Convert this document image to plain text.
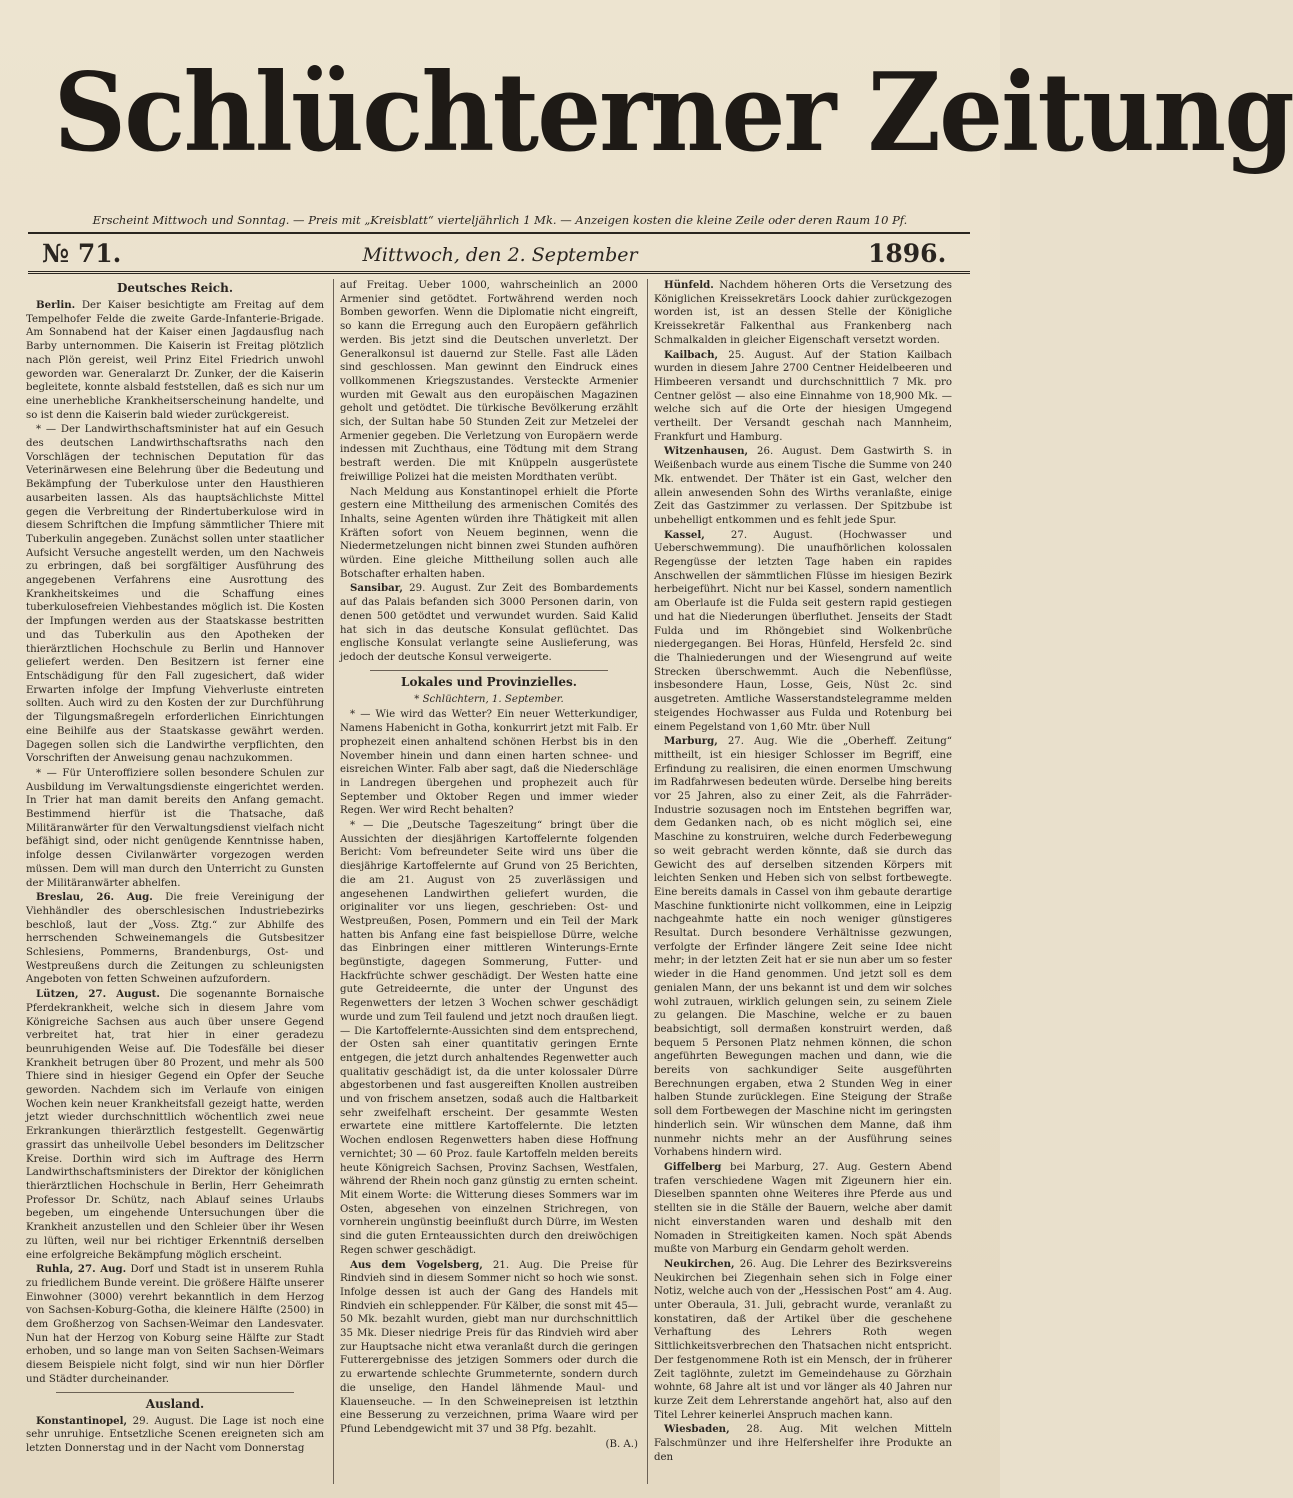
Schlüchterner Zeitung
Erscheint Mittwoch und Sonntag. — Preis mit „Kreisblatt“ vierteljährlich 1 Mk. — Anzeigen kosten die kleine Zeile oder deren Raum 10 Pf.
№ 71.	Mittwoch, den 2. September	1896.
Deutsches Reich.

Berlin. Der Kaiser besichtigte am Freitag auf dem Tempelhofer Felde die zweite Garde-Infanterie-Brigade. Am Sonnabend hat der Kaiser einen Jagdausflug nach Barby unternommen. Die Kaiserin ist Freitag plötzlich nach Plön gereist, weil Prinz Eitel Friedrich unwohl geworden war. Generalarzt Dr. Zunker, der die Kaiserin begleitete, konnte alsbald feststellen, daß es sich nur um eine unerhebliche Krankheitserscheinung handelte, und so ist denn die Kaiserin bald wieder zurückgereist.

* — Der Landwirthschaftsminister hat auf ein Gesuch des deutschen Landwirthschaftsraths nach den Vorschlägen der technischen Deputation für das Veterinärwesen eine Belehrung über die Bedeutung und Bekämpfung der Tuberkulose unter den Hausthieren ausarbeiten lassen. Als das hauptsächlichste Mittel gegen die Verbreitung der Rindertuberkulose wird in diesem Schriftchen die Impfung sämmtlicher Thiere mit Tuberkulin angegeben. Zunächst sollen unter staatlicher Aufsicht Versuche angestellt werden, um den Nachweis zu erbringen, daß bei sorgfältiger Ausführung des angegebenen Verfahrens eine Ausrottung des Krankheitskeimes und die Schaffung eines tuberkulosefreien Viehbestandes möglich ist. Die Kosten der Impfungen werden aus der Staatskasse bestritten und das Tuberkulin aus den Apotheken der thierärztlichen Hochschule zu Berlin und Hannover geliefert werden. Den Besitzern ist ferner eine Entschädigung für den Fall zugesichert, daß wider Erwarten infolge der Impfung Viehverluste eintreten sollten. Auch wird zu den Kosten der zur Durchführung der Tilgungsmaßregeln erforderlichen Einrichtungen eine Beihilfe aus der Staatskasse gewährt werden. Dagegen sollen sich die Landwirthe verpflichten, den Vorschriften der Anweisung genau nachzukommen.

* — Für Unteroffiziere sollen besondere Schulen zur Ausbildung im Verwaltungsdienste eingerichtet werden. In Trier hat man damit bereits den Anfang gemacht. Bestimmend hierfür ist die Thatsache, daß Militäranwärter für den Verwaltungsdienst vielfach nicht befähigt sind, oder nicht genügende Kenntnisse haben, infolge dessen Civilanwärter vorgezogen werden müssen. Dem will man durch den Unterricht zu Gunsten der Militäranwärter abhelfen.

Breslau, 26. Aug. Die freie Vereinigung der Viehhändler des oberschlesischen Industriebezirks beschloß, laut der „Voss. Ztg.“ zur Abhilfe des herrschenden Schweinemangels die Gutsbesitzer Schlesiens, Pommerns, Brandenburgs, Ost- und Westpreußens durch die Zeitungen zu schleunigsten Angeboten von fetten Schweinen aufzufordern.

Lützen, 27. August. Die sogenannte Bornaische Pferdekrankheit, welche sich in diesem Jahre vom Königreiche Sachsen aus auch über unsere Gegend verbreitet hat, trat hier in einer geradezu beunruhigenden Weise auf. Die Todesfälle bei dieser Krankheit betrugen über 80 Prozent, und mehr als 500 Thiere sind in hiesiger Gegend ein Opfer der Seuche geworden. Nachdem sich im Verlaufe von einigen Wochen kein neuer Krankheitsfall gezeigt hatte, werden jetzt wieder durchschnittlich wöchentlich zwei neue Erkrankungen thierärztlich festgestellt. Gegenwärtig grassirt das unheilvolle Uebel besonders im Delitzscher Kreise. Dorthin wird sich im Auftrage des Herrn Landwirthschaftsministers der Direktor der königlichen thierärztlichen Hochschule in Berlin, Herr Geheimrath Professor Dr. Schütz, nach Ablauf seines Urlaubs begeben, um eingehende Untersuchungen über die Krankheit anzustellen und den Schleier über ihr Wesen zu lüften, weil nur bei richtiger Erkenntniß derselben eine erfolgreiche Bekämpfung möglich erscheint.

Ruhla, 27. Aug. Dorf und Stadt ist in unserem Ruhla zu friedlichem Bunde vereint. Die größere Hälfte unserer Einwohner (3000) verehrt bekanntlich in dem Herzog von Sachsen-Koburg-Gotha, die kleinere Hälfte (2500) in dem Großherzog von Sachsen-Weimar den Landesvater. Nun hat der Herzog von Koburg seine Hälfte zur Stadt erhoben, und so lange man von Seiten Sachsen-Weimars diesem Beispiele nicht folgt, sind wir nun hier Dörfler und Städter durcheinander.

Ausland.

Konstantinopel, 29. August. Die Lage ist noch eine sehr unruhige. Entsetzliche Scenen ereigneten sich am letzten Donnerstag und in der Nacht vom Donnerstag

auf Freitag. Ueber 1000, wahrscheinlich an 2000 Armenier sind getödtet. Fortwährend werden noch Bomben geworfen. Wenn die Diplomatie nicht eingreift, so kann die Erregung auch den Europäern gefährlich werden. Bis jetzt sind die Deutschen unverletzt. Der Generalkonsul ist dauernd zur Stelle. Fast alle Läden sind geschlossen. Man gewinnt den Eindruck eines vollkommenen Kriegszustandes. Versteckte Armenier wurden mit Gewalt aus den europäischen Magazinen geholt und getödtet. Die türkische Bevölkerung erzählt sich, der Sultan habe 50 Stunden Zeit zur Metzelei der Armenier gegeben. Die Verletzung von Europäern werde indessen mit Zuchthaus, eine Tödtung mit dem Strang bestraft werden. Die mit Knüppeln ausgerüstete freiwillige Polizei hat die meisten Mordthaten verübt.

Nach Meldung aus Konstantinopel erhielt die Pforte gestern eine Mittheilung des armenischen Comités des Inhalts, seine Agenten würden ihre Thätigkeit mit allen Kräften sofort von Neuem beginnen, wenn die Niedermetzelungen nicht binnen zwei Stunden aufhören würden. Eine gleiche Mittheilung sollen auch alle Botschafter erhalten haben.

Sansibar, 29. August. Zur Zeit des Bombardements auf das Palais befanden sich 3000 Personen darin, von denen 500 getödtet und verwundet wurden. Said Kalid hat sich in das deutsche Konsulat geflüchtet. Das englische Konsulat verlangte seine Auslieferung, was jedoch der deutsche Konsul verweigerte.

Lokales und Provinzielles.

* Schlüchtern, 1. September.

* — Wie wird das Wetter? Ein neuer Wetterkundiger, Namens Habenicht in Gotha, konkurrirt jetzt mit Falb. Er prophezeit einen anhaltend schönen Herbst bis in den November hinein und dann einen harten schnee- und eisreichen Winter. Falb aber sagt, daß die Niederschläge in Landregen übergehen und prophezeit auch für September und Oktober Regen und immer wieder Regen. Wer wird Recht behalten?

* — Die „Deutsche Tageszeitung“ bringt über die Aussichten der diesjährigen Kartoffelernte folgenden Bericht: Vom befreundeter Seite wird uns über die diesjährige Kartoffelernte auf Grund von 25 Berichten, die am 21. August von 25 zuverlässigen und angesehenen Landwirthen geliefert wurden, die originaliter vor uns liegen, geschrieben: Ost- und Westpreußen, Posen, Pommern und ein Teil der Mark hatten bis Anfang eine fast beispiellose Dürre, welche das Einbringen einer mittleren Winterungs-Ernte begünstigte, dagegen Sommerung, Futter- und Hackfrüchte schwer geschädigt. Der Westen hatte eine gute Getreideernte, die unter der Ungunst des Regenwetters der letzen 3 Wochen schwer geschädigt wurde und zum Teil faulend und jetzt noch draußen liegt. — Die Kartoffelernte-Aussichten sind dem entsprechend, der Osten sah einer quantitativ geringen Ernte entgegen, die jetzt durch anhaltendes Regenwetter auch qualitativ geschädigt ist, da die unter kolossaler Dürre abgestorbenen und fast ausgereiften Knollen austreiben und von frischem ansetzen, sodaß auch die Haltbarkeit sehr zweifelhaft erscheint. Der gesammte Westen erwartete eine mittlere Kartoffelernte. Die letzten Wochen endlosen Regenwetters haben diese Hoffnung vernichtet; 30 — 60 Proz. faule Kartoffeln melden bereits heute Königreich Sachsen, Provinz Sachsen, Westfalen, während der Rhein noch ganz günstig zu ernten scheint. Mit einem Worte: die Witterung dieses Sommers war im Osten, abgesehen von einzelnen Strichregen, von vornherein ungünstig beeinflußt durch Dürre, im Westen sind die guten Ernteaussichten durch den dreiwöchigen Regen schwer geschädigt.

Aus dem Vogelsberg, 21. Aug. Die Preise für Rindvieh sind in diesem Sommer nicht so hoch wie sonst. Infolge dessen ist auch der Gang des Handels mit Rindvieh ein schleppender. Für Kälber, die sonst mit 45—50 Mk. bezahlt wurden, giebt man nur durchschnittlich 35 Mk. Dieser niedrige Preis für das Rindvieh wird aber zur Hauptsache nicht etwa veranlaßt durch die geringen Futterergebnisse des jetzigen Sommers oder durch die zu erwartende schlechte Grummeternte, sondern durch die unselige, den Handel lähmende Maul- und Klauenseuche. — In den Schweinepreisen ist letzthin eine Besserung zu verzeichnen, prima Waare wird per Pfund Lebendgewicht mit 37 und 38 Pfg. bezahlt.

(B. A.)

Hünfeld. Nachdem höheren Orts die Versetzung des Königlichen Kreissekretärs Loock dahier zurückgezogen worden ist, ist an dessen Stelle der Königliche Kreissekretär Falkenthal aus Frankenberg nach Schmalkalden in gleicher Eigenschaft versetzt worden.

Kailbach, 25. August. Auf der Station Kailbach wurden in diesem Jahre 2700 Centner Heidelbeeren und Himbeeren versandt und durchschnittlich 7 Mk. pro Centner gelöst — also eine Einnahme von 18,900 Mk. — welche sich auf die Orte der hiesigen Umgegend vertheilt. Der Versandt geschah nach Mannheim, Frankfurt und Hamburg.

Witzenhausen, 26. August. Dem Gastwirth S. in Weißenbach wurde aus einem Tische die Summe von 240 Mk. entwendet. Der Thäter ist ein Gast, welcher den allein anwesenden Sohn des Wirths veranlaßte, einige Zeit das Gastzimmer zu verlassen. Der Spitzbube ist unbehelligt entkommen und es fehlt jede Spur.

Kassel,	27. August. (Hochwasser und Ueberschwemmung). Die unaufhörlichen kolossalen Regengüsse der letzten Tage haben ein rapides Anschwellen der sämmtlichen Flüsse im hiesigen Bezirk herbeigeführt. Nicht nur bei Kassel, sondern namentlich am Oberlaufe ist die Fulda seit gestern rapid gestiegen und hat die Niederungen überfluthet. Jenseits der Stadt Fulda und im Rhöngebiet sind Wolkenbrüche niedergegangen. Bei Horas, Hünfeld, Hersfeld 2c. sind die Thalniederungen und der Wiesengrund auf weite Strecken überschwemmt. Auch die Nebenflüsse, insbesondere Haun, Losse, Geis, Nüst 2c. sind ausgetreten. Amtliche Wasserstandstelegramme melden steigendes Hochwasser aus Fulda und Rotenburg bei einem Pegelstand von 1,60 Mtr. über Null

Marburg, 27. Aug. Wie die „Oberheff. Zeitung“ mittheilt, ist ein hiesiger Schlosser im Begriff, eine Erfindung zu realisiren, die einen enormen Umschwung im Radfahrwesen bedeuten würde. Derselbe hing bereits vor 25 Jahren, also zu einer Zeit, als die Fahrräder-Industrie sozusagen noch im Entstehen begriffen war, dem Gedanken nach, ob es nicht möglich sei, eine Maschine zu konstruiren, welche durch Federbewegung so weit gebracht werden könnte, daß sie durch das Gewicht des auf derselben sitzenden Körpers mit leichten Senken und Heben sich von selbst fortbewegte. Eine bereits damals in Cassel von ihm gebaute derartige Maschine funktionirte nicht vollkommen, eine in Leipzig nachgeahmte hatte ein noch weniger günstigeres Resultat. Durch besondere Verhältnisse gezwungen, verfolgte der Erfinder längere Zeit seine Idee nicht mehr; in der letzten Zeit hat er sie nun aber um so fester wieder in die Hand genommen. Und jetzt soll es dem genialen Mann, der uns bekannt ist und dem wir solches wohl zutrauen, wirklich gelungen sein, zu seinem Ziele zu gelangen. Die Maschine, welche er zu bauen beabsichtigt, soll dermaßen konstruirt werden, daß bequem 5 Personen Platz nehmen können, die schon angeführten Bewegungen machen und dann, wie die bereits von sachkundiger Seite ausgeführten Berechnungen ergaben, etwa 2 Stunden Weg in einer halben Stunde zurücklegen. Eine Steigung der Straße soll dem Fortbewegen der Maschine nicht im geringsten hinderlich sein. Wir wünschen dem Manne, daß ihm nunmehr nichts mehr an der Ausführung seines Vorhabens hindern wird.

Giffelberg bei Marburg, 27. Aug. Gestern Abend trafen verschiedene Wagen mit Zigeunern hier ein. Dieselben spannten ohne Weiteres ihre Pferde aus und stellten sie in die Ställe der Bauern, welche aber damit nicht einverstanden waren und deshalb mit den Nomaden in Streitigkeiten kamen. Noch spät Abends mußte von Marburg ein Gendarm geholt werden.

Neukirchen, 26. Aug. Die Lehrer des Bezirksvereins Neukirchen bei Ziegenhain sehen sich in Folge einer Notiz, welche auch von der „Hessischen Post“ am 4. Aug. unter Oberaula, 31. Juli, gebracht wurde, veranlaßt zu konstatiren, daß der Artikel über die geschehene Verhaftung des Lehrers Roth wegen Sittlichkeitsverbrechen den Thatsachen nicht entspricht. Der festgenommene Roth ist ein Mensch, der in früherer Zeit taglöhnte, zuletzt im Gemeindehause zu Görzhain wohnte, 68 Jahre alt ist und vor länger als 40 Jahren nur kurze Zeit dem Lehrerstande angehört hat, also auf den Titel Lehrer keinerlei Anspruch machen kann.

Wiesbaden, 28. Aug. Mit welchen Mitteln Falschmünzer und ihre Helfershelfer ihre Produkte an den
